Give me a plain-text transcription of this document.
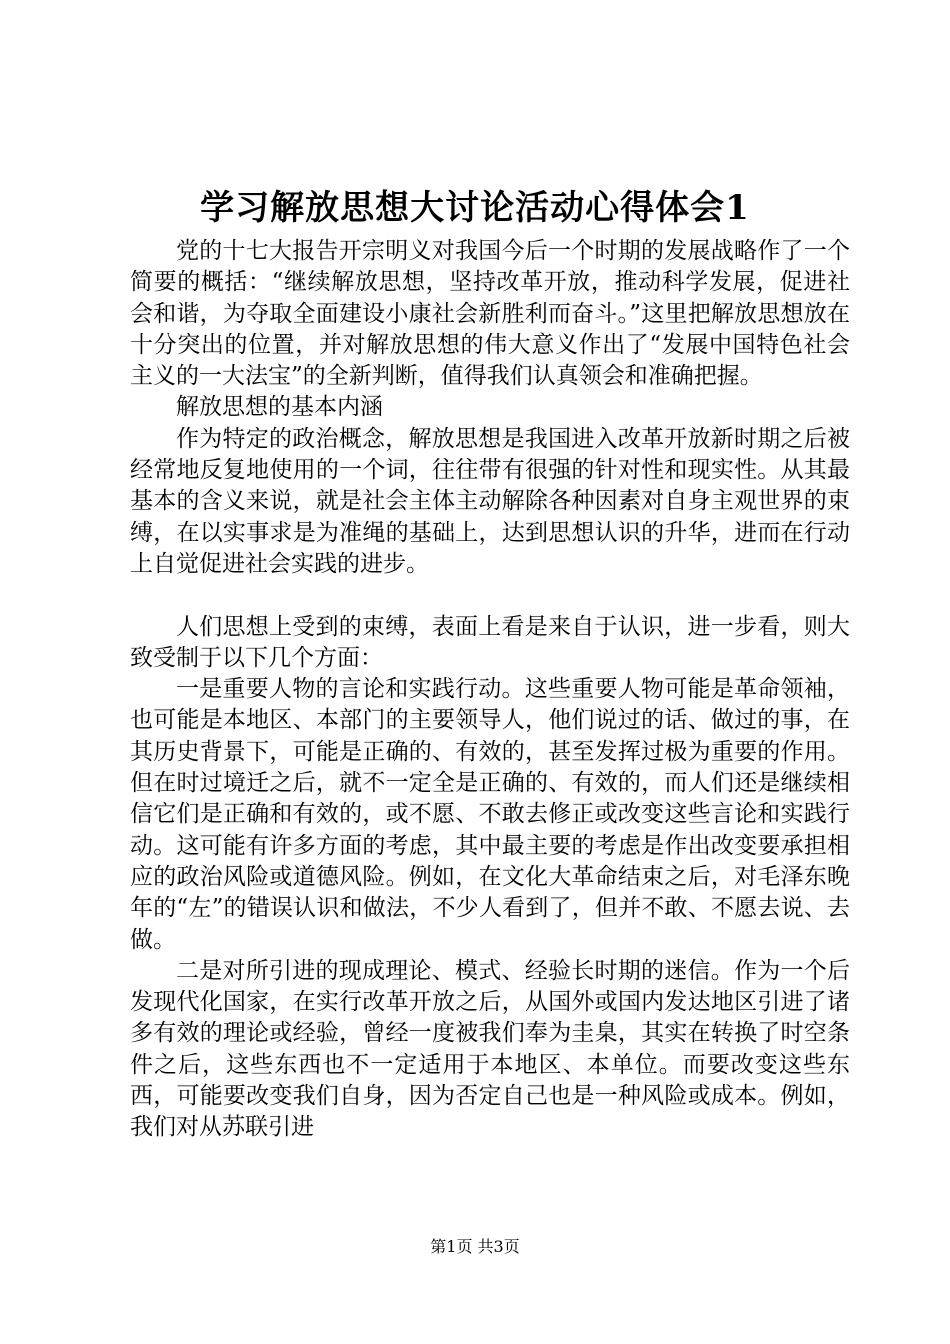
学习解放思想大讨论活动心得体会1

党的十七大报告开宗明义对我国今后一个时期的发展战略作了一个简要的概括：“继续解放思想，坚持改革开放，推动科学发展，促进社会和谐，为夺取全面建设小康社会新胜利而奋斗。”这里把解放思想放在十分突出的位置，并对解放思想的伟大意义作出了“发展中国特色社会主义的一大法宝”的全新判断，值得我们认真领会和准确把握。

解放思想的基本内涵

作为特定的政治概念，解放思想是我国进入改革开放新时期之后被经常地反复地使用的一个词，往往带有很强的针对性和现实性。从其最基本的含义来说，就是社会主体主动解除各种因素对自身主观世界的束缚，在以实事求是为准绳的基础上，达到思想认识的升华，进而在行动上自觉促进社会实践的进步。

人们思想上受到的束缚，表面上看是来自于认识，进一步看，则大致受制于以下几个方面：

一是重要人物的言论和实践行动。这些重要人物可能是革命领袖，也可能是本地区、本部门的主要领导人，他们说过的话、做过的事，在其历史背景下，可能是正确的、有效的，甚至发挥过极为重要的作用。但在时过境迁之后，就不一定全是正确的、有效的，而人们还是继续相信它们是正确和有效的，或不愿、不敢去修正或改变这些言论和实践行动。这可能有许多方面的考虑，其中最主要的考虑是作出改变要承担相应的政治风险或道德风险。例如，在文化大革命结束之后，对毛泽东晚年的“左”的错误认识和做法，不少人看到了，但并不敢、不愿去说、去做。

二是对所引进的现成理论、模式、经验长时期的迷信。作为一个后发现代化国家，在实行改革开放之后，从国外或国内发达地区引进了诸多有效的理论或经验，曾经一度被我们奉为圭臬，其实在转换了时空条件之后，这些东西也不一定适用于本地区、本单位。而要改变这些东西，可能要改变我们自身，因为否定自己也是一种风险或成本。例如，我们对从苏联引进

第1页 共3页
